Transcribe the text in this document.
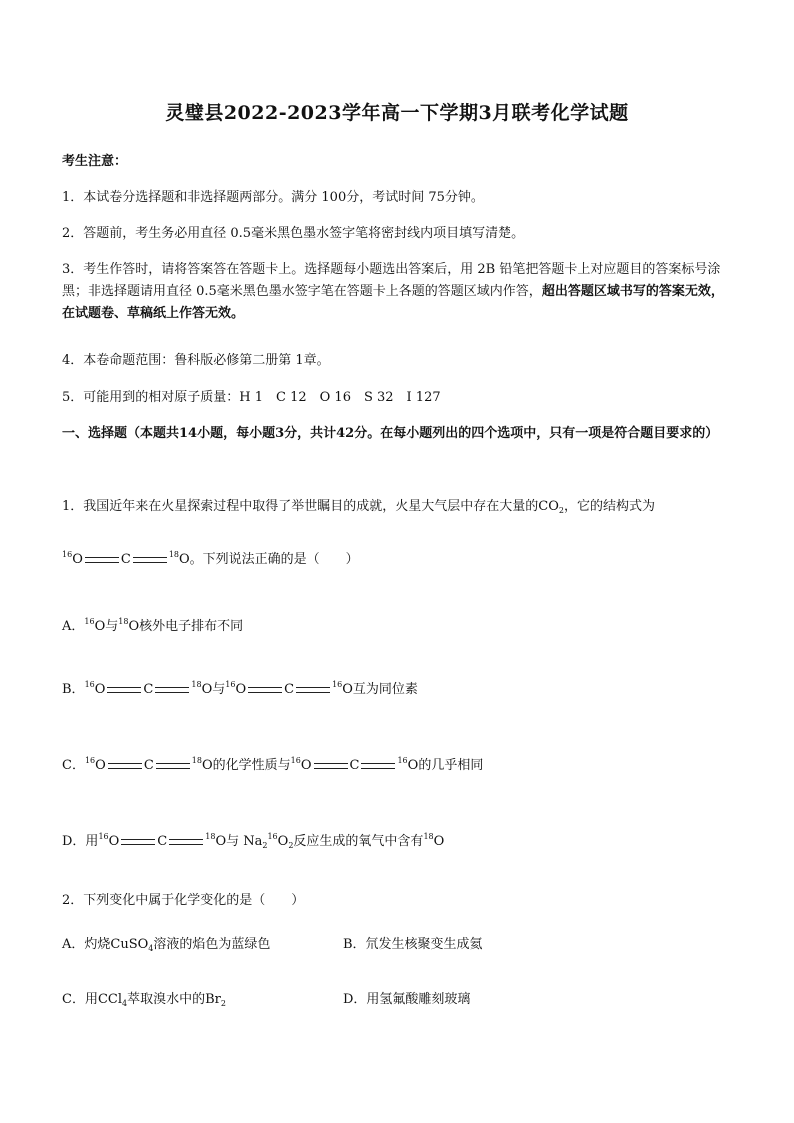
灵璧县2022-2023学年高一下学期3月联考化学试题
考生注意：
1．本试卷分选择题和非选择题两部分。满分 100分，考试时间 75分钟。
2．答题前，考生务必用直径 0.5毫米黑色墨水签字笔将密封线内项目填写清楚。
3．考生作答时，请将答案答在答题卡上。选择题每小题选出答案后，用 2B 铅笔把答题卡上对应题目的答案标号涂黑；非选择题请用直径 0.5毫米黑色墨水签字笔在答题卡上各题的答题区域内作答，超出答题区域书写的答案无效，在试题卷、草稿纸上作答无效。
4．本卷命题范围：鲁科版必修第二册第 1章。
5．可能用到的相对原子质量：H 1　C 12　O 16　S 32　I 127
一、选择题（本题共14小题，每小题3分，共计42分。在每小题列出的四个选项中，只有一项是符合题目要求的）
1．我国近年来在火星探索过程中取得了举世瞩目的成就，火星大气层中存在大量的$CO_2$，它的结构式为
$^{16}$O	C	$^{18}$O。下列说法正确的是（　　）
A．$^{16}$O与$^{18}$O核外电子排布不同
B．$^{16}$O	C	$^{18}$O与$^{16}$O	C	$^{16}$O互为同位素
C．$^{16}$O	C	$^{18}$O的化学性质与$^{16}$O	C	$^{16}$O的几乎相同
D．用$^{16}$O	C	$^{18}$O与 $Na_2^{16}O_2$反应生成的氧气中含有$^{18}$O
2．下列变化中属于化学变化的是（　　）
A．灼烧CuSO$_4$溶液的焰色为蓝绿色	B．氘发生核聚变生成氦
C．用CCl$_4$萃取溴水中的$Br_2$	D．用氢氟酸雕刻玻璃
